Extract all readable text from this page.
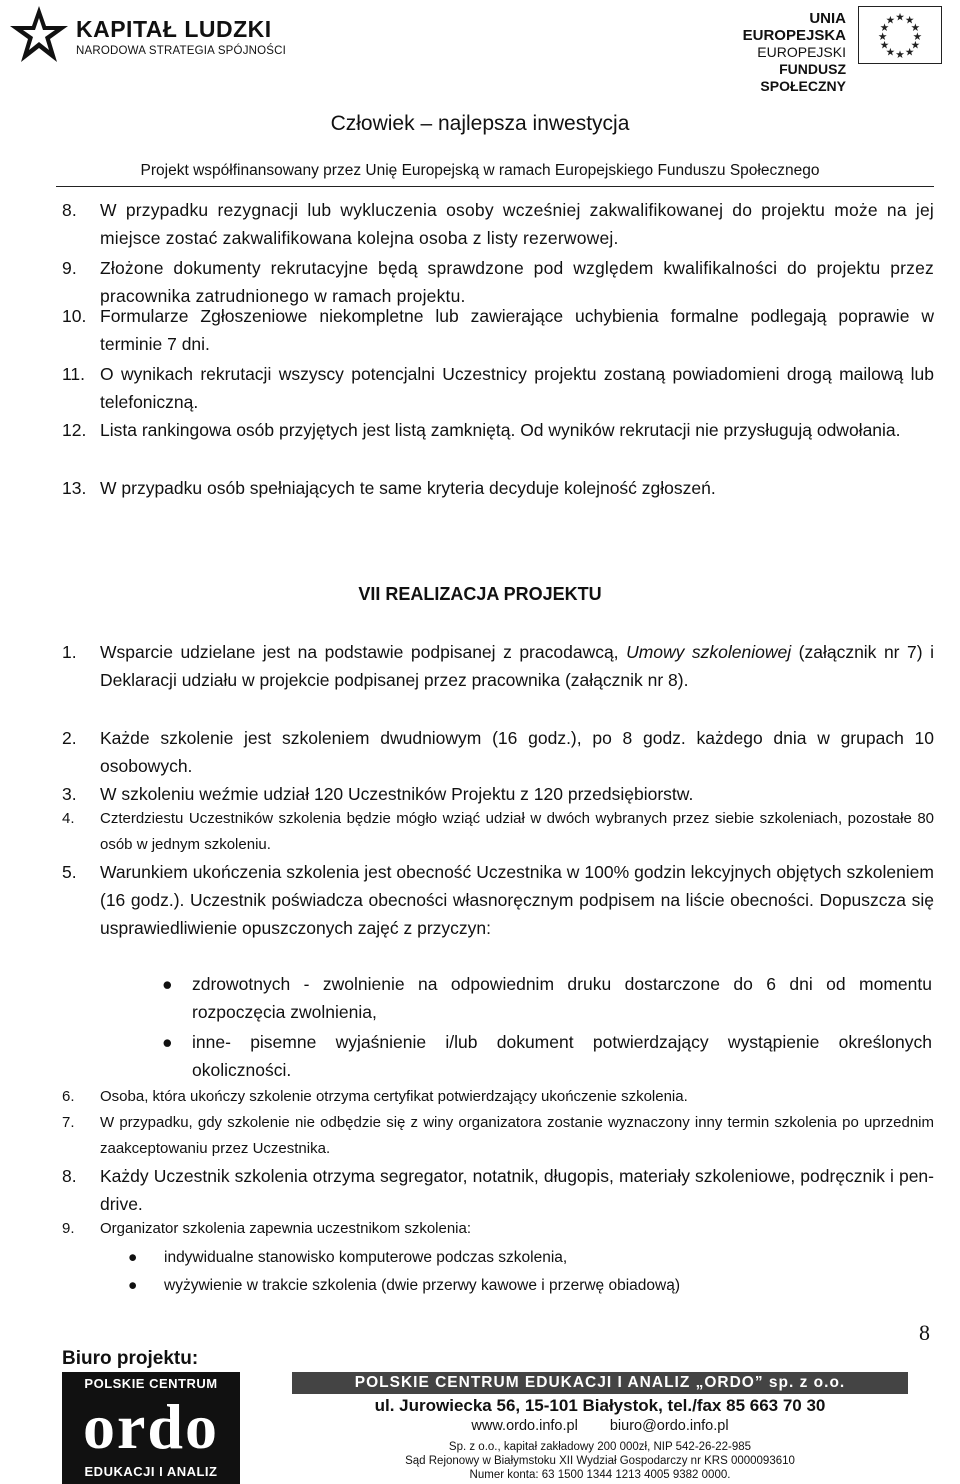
KAPITAŁ LUDZKI
NARODOWA STRATEGIA SPÓJNOŚCI
UNIA EUROPEJSKA
EUROPEJSKI
FUNDUSZ SPOŁECZNY
★ ★
★
★
★
★
★
★
★
★
★
★
Człowiek – najlepsza inwestycja
Projekt współfinansowany przez Unię Europejską w ramach Europejskiego Funduszu Społecznego
8.	W przypadku rezygnacji lub wykluczenia osoby wcześniej zakwalifikowanej do projektu może na jej miejsce zostać zakwalifikowana kolejna osoba z listy rezerwowej.
9.	Złożone dokumenty rekrutacyjne będą sprawdzone pod względem kwalifikalności do projektu przez pracownika zatrudnionego w ramach projektu.
10. Formularze Zgłoszeniowe niekompletne lub zawierające uchybienia formalne podlegają poprawie w terminie 7 dni.
11. O wynikach rekrutacji wszyscy potencjalni Uczestnicy projektu zostaną powiadomieni drogą mailową lub telefoniczną.
12. Lista rankingowa osób przyjętych jest listą zamkniętą. Od wyników rekrutacji nie przysługują odwołania.
13. W przypadku osób spełniających te same kryteria decyduje kolejność zgłoszeń.
VII REALIZACJA PROJEKTU
1.	Wsparcie udzielane jest na podstawie podpisanej z pracodawcą, Umowy szkoleniowej (załącznik nr 7) i Deklaracji udziału w projekcie podpisanej przez pracownika (załącznik nr 8).
2.	Każde szkolenie jest szkoleniem dwudniowym (16 godz.), po 8 godz. każdego dnia w grupach 10 osobowych.
3.	W szkoleniu weźmie udział 120 Uczestników Projektu z 120 przedsiębiorstw.
4.	Czterdziestu Uczestników szkolenia będzie mógło wziąć udział w dwóch wybranych przez siebie szkoleniach, pozostałe 80 osób w jednym szkoleniu.
5.	Warunkiem ukończenia szkolenia jest obecność Uczestnika w 100% godzin lekcyjnych objętych szkoleniem (16 godz.). Uczestnik poświadcza obecności własnoręcznym podpisem na liście obecności. Dopuszcza się usprawiedliwienie opuszczonych zajęć z przyczyn:
●	zdrowotnych - zwolnienie na odpowiednim druku dostarczone do 6 dni od momentu rozpoczęcia zwolnienia,
●	inne- pisemne wyjaśnienie i/lub dokument potwierdzający wystąpienie określonych okoliczności.
6.	Osoba, która ukończy szkolenie otrzyma certyfikat potwierdzający ukończenie szkolenia.
7.	W przypadku, gdy szkolenie nie odbędzie się z winy organizatora zostanie wyznaczony inny termin szkolenia po uprzednim zaakceptowaniu przez Uczestnika.
8.	Każdy Uczestnik szkolenia otrzyma segregator, notatnik, długopis, materiały szkoleniowe, podręcznik i pen-drive.
9.	Organizator szkolenia zapewnia uczestnikom szkolenia:
●	indywidualne stanowisko komputerowe podczas szkolenia,
●	wyżywienie w trakcie szkolenia (dwie przerwy kawowe i przerwę obiadową)
8
Biuro projektu:
POLSKIE CENTRUM
ordo
EDUKACJI I ANALIZ
POLSKIE CENTRUM EDUKACJI I ANALIZ „ORDO” sp. z o.o.
ul. Jurowiecka 56, 15-101 Białystok, tel./fax 85 663 70 30
www.ordo.info.pl biuro@ordo.info.pl
Sp. z o.o., kapitał zakładowy 200 000zł, NIP 542-26-22-985
Sąd Rejonowy w Białymstoku XII Wydział Gospodarczy nr KRS 0000093610
Numer konta: 63 1500 1344 1213 4005 9382 0000.
